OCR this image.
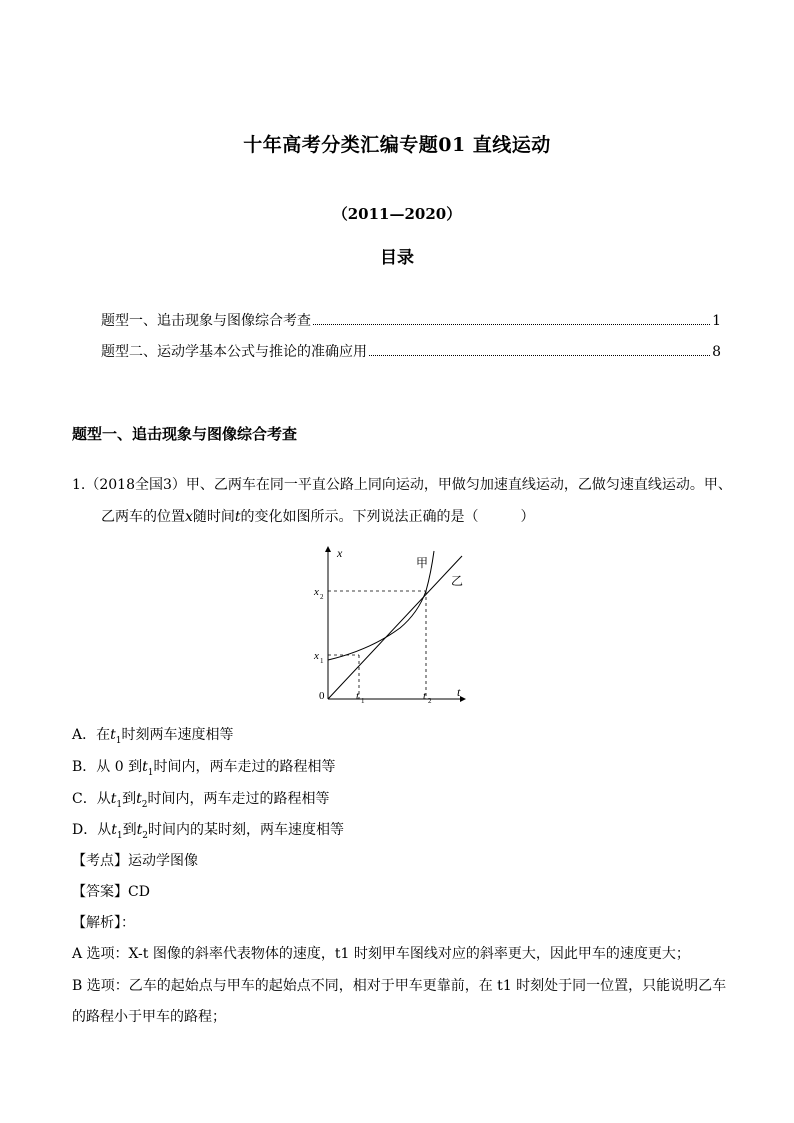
十年高考分类汇编专题01 直线运动
（2011—2020）
目录
题型一、追击现象与图像综合考查	1
题型二、运动学基本公式与推论的准确应用	8
题型一、追击现象与图像综合考查
1.（2018全国3）甲、乙两车在同一平直公路上同向运动，甲做匀加速直线运动，乙做匀速直线运动。甲、
乙两车的位置x随时间t的变化如图所示。下列说法正确的是（　　　）
x
t
0
甲
乙
x 2
x 1
t 1	t 2
A．在$t_1$时刻两车速度相等
B．从 0 到$t_1$时间内，两车走过的路程相等
C．从$t_1$到$t_2$时间内，两车走过的路程相等
D．从$t_1$到$t_2$时间内的某时刻，两车速度相等
【考点】运动学图像
【答案】CD
【解析】：
A 选项：X-t 图像的斜率代表物体的速度，t1 时刻甲车图线对应的斜率更大，因此甲车的速度更大；
B 选项：乙车的起始点与甲车的起始点不同，相对于甲车更靠前，在 t1 时刻处于同一位置，只能说明乙车
的路程小于甲车的路程；
